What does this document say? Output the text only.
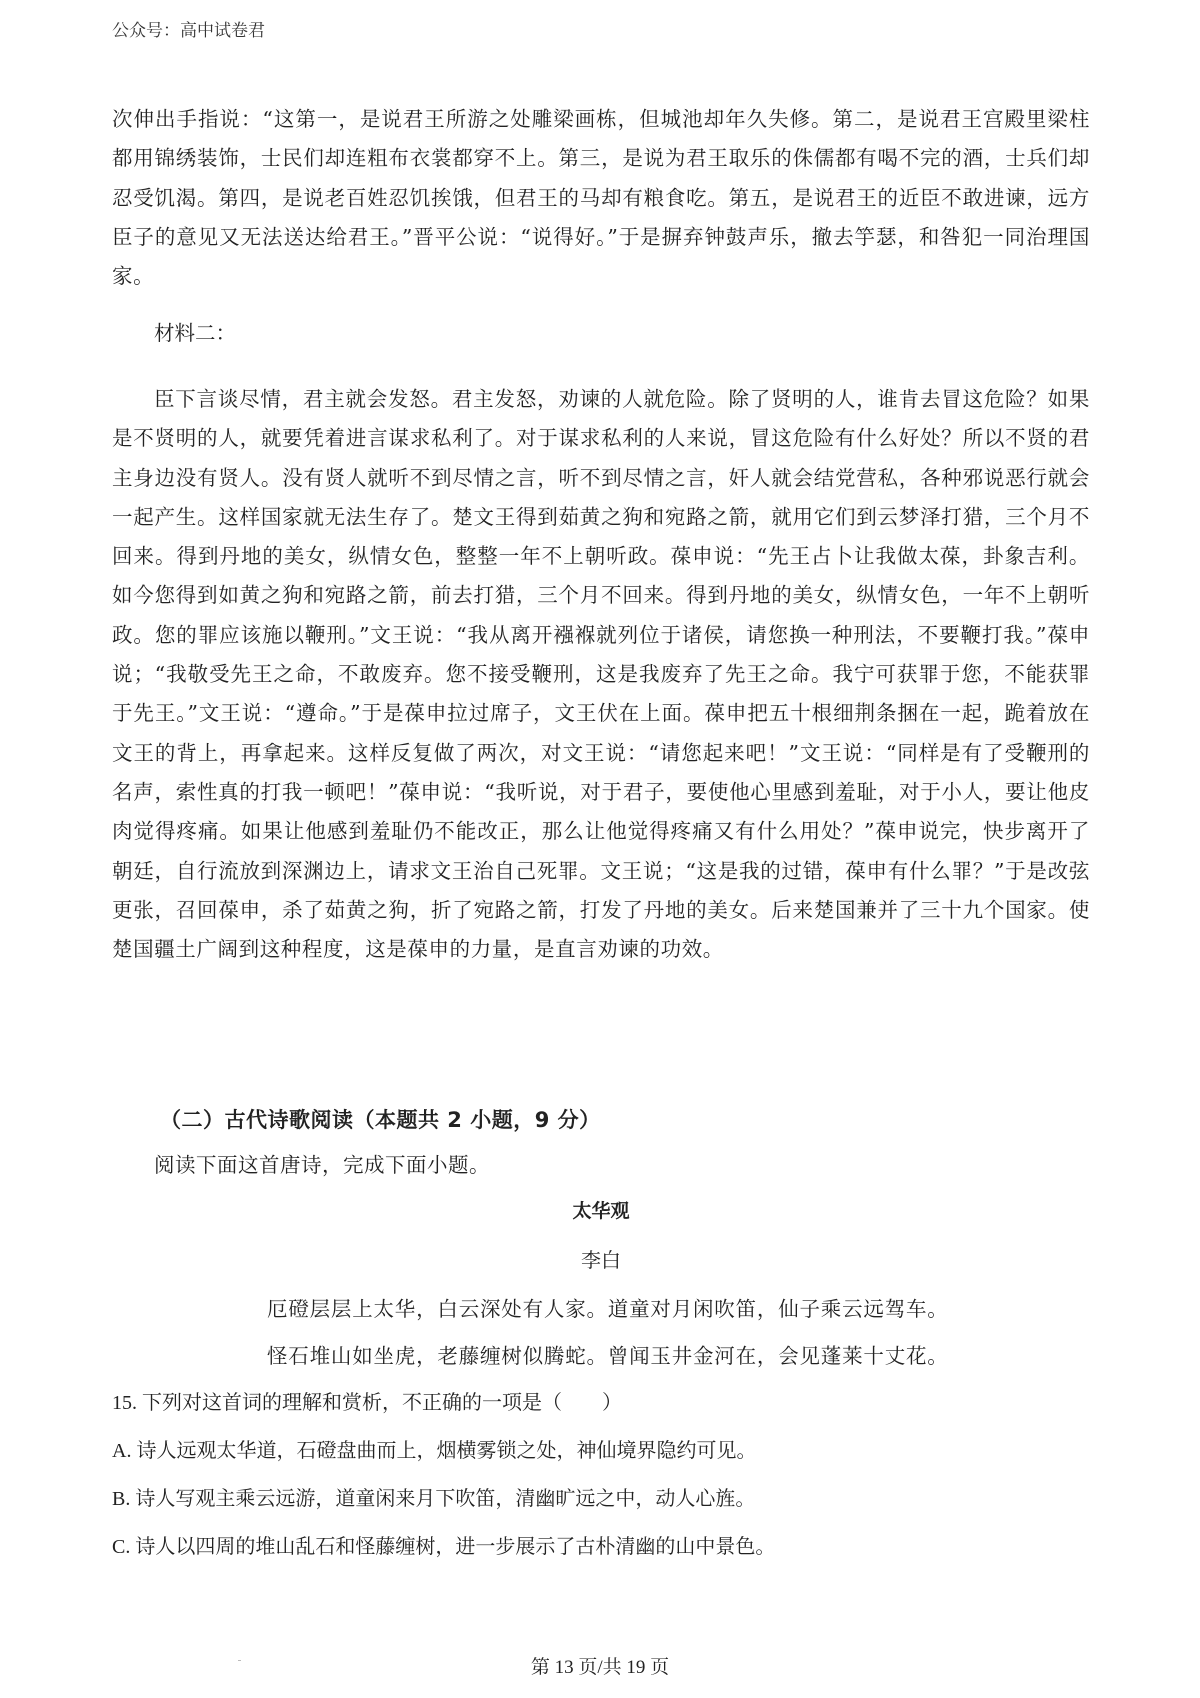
公众号：高中试卷君

次伸出手指说：“这第一，是说君王所游之处雕梁画栋，但城池却年久失修。第二，是说君王宫殿里梁柱都用锦绣装饰，士民们却连粗布衣裳都穿不上。第三，是说为君王取乐的侏儒都有喝不完的酒，士兵们却忍受饥渴。第四，是说老百姓忍饥挨饿，但君王的马却有粮食吃。第五，是说君王的近臣不敢进谏，远方臣子的意见又无法送达给君王。”晋平公说：“说得好。”于是摒弃钟鼓声乐，撤去竽瑟，和咎犯一同治理国家。

材料二：

臣下言谈尽情，君主就会发怒。君主发怒，劝谏的人就危险。除了贤明的人，谁肯去冒这危险？如果是不贤明的人，就要凭着进言谋求私利了。对于谋求私利的人来说，冒这危险有什么好处？所以不贤的君主身边没有贤人。没有贤人就听不到尽情之言，听不到尽情之言，奸人就会结党营私，各种邪说恶行就会一起产生。这样国家就无法生存了。楚文王得到茹黄之狗和宛路之箭，就用它们到云梦泽打猎，三个月不回来。得到丹地的美女，纵情女色，整整一年不上朝听政。葆申说：“先王占卜让我做太葆，卦象吉利。如今您得到如黄之狗和宛路之箭，前去打猎，三个月不回来。得到丹地的美女，纵情女色，一年不上朝听政。您的罪应该施以鞭刑。”文王说：“我从离开襁褓就列位于诸侯，请您换一种刑法，不要鞭打我。”葆申说；“我敬受先王之命，不敢废弃。您不接受鞭刑，这是我废弃了先王之命。我宁可获罪于您，不能获罪于先王。”文王说：“遵命。”于是葆申拉过席子，文王伏在上面。葆申把五十根细荆条捆在一起，跪着放在文王的背上，再拿起来。这样反复做了两次，对文王说：“请您起来吧！”文王说：“同样是有了受鞭刑的名声，索性真的打我一顿吧！”葆申说：“我听说，对于君子，要使他心里感到羞耻，对于小人，要让他皮肉觉得疼痛。如果让他感到羞耻仍不能改正，那么让他觉得疼痛又有什么用处？”葆申说完，快步离开了朝廷，自行流放到深渊边上，请求文王治自己死罪。文王说；“这是我的过错，葆申有什么罪？”于是改弦更张，召回葆申，杀了茹黄之狗，折了宛路之箭，打发了丹地的美女。后来楚国兼并了三十九个国家。使楚国疆土广阔到这种程度，这是葆申的力量，是直言劝谏的功效。

（二）古代诗歌阅读（本题共 2 小题，9 分）
阅读下面这首唐诗，完成下面小题。
太华观
李白
厄磴层层上太华，白云深处有人家。道童对月闲吹笛，仙子乘云远驾车。
怪石堆山如坐虎，老藤缠树似腾蛇。曾闻玉井金河在，会见蓬莱十丈花。
15. 下列对这首词的理解和赏析，不正确的一项是（　　）
A. 诗人远观太华道，石磴盘曲而上，烟横雾锁之处，神仙境界隐约可见。
B. 诗人写观主乘云远游，道童闲来月下吹笛，清幽旷远之中，动人心旌。
C. 诗人以四周的堆山乱石和怪藤缠树，进一步展示了古朴清幽的山中景色。
第 13 页/共 19 页
